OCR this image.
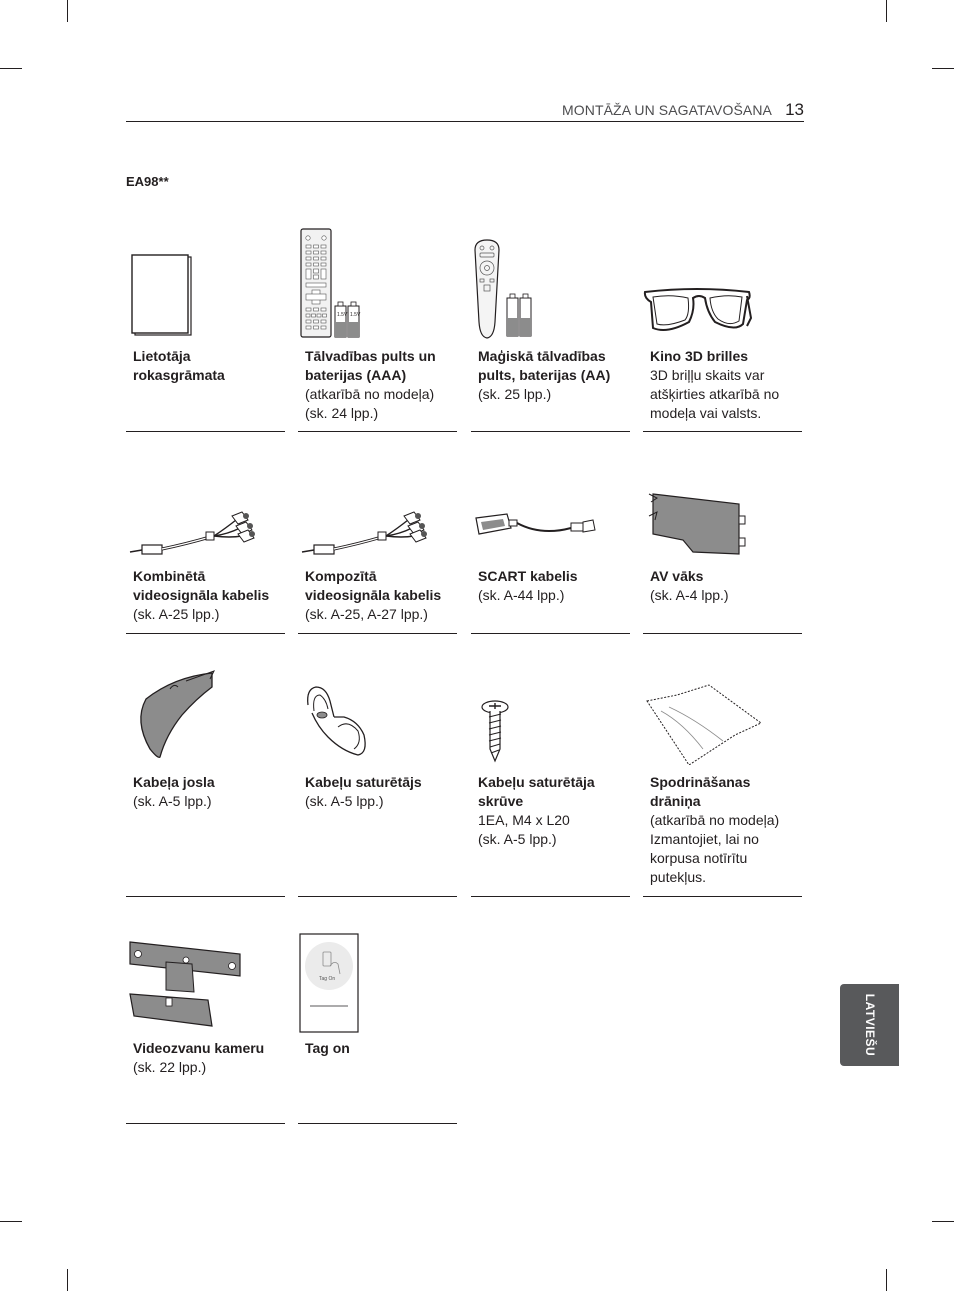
MONTĀŽA UN SAGATAVOŠANA 13
EA98**
Lietotāja
rokasgrāmata
1.5V 1.5V
Tālvadības pults un baterijas (AAA)
(atkarībā no modeļa)
(sk. 24 lpp.)
Maģiskā tālvadības pults, baterijas (AA)
(sk. 25 lpp.)
Kino 3D brilles
3D briļļu skaits var atšķirties atkarībā no modeļa vai valsts.
Kombinētā videosignāla kabelis
(sk. A-25 lpp.)
Kompozītā videosignāla kabelis
(sk. A-25, A-27 lpp.)
SCART kabelis
(sk. A-44 lpp.)
AV vāks
(sk. A-4 lpp.)
Kabeļa josla
(sk. A-5 lpp.)
Kabeļu saturētājs
(sk. A-5 lpp.)
Kabeļu saturētāja skrūve
1EA, M4 x L20
(sk. A-5 lpp.)
Spodrināšanas drāniņa
(atkarībā no modeļa)
Izmantojiet, lai no korpusa notīrītu putekļus.
Videozvanu kameru
(sk. 22 lpp.)
Tag On
Tag on	LATVIEŠU
